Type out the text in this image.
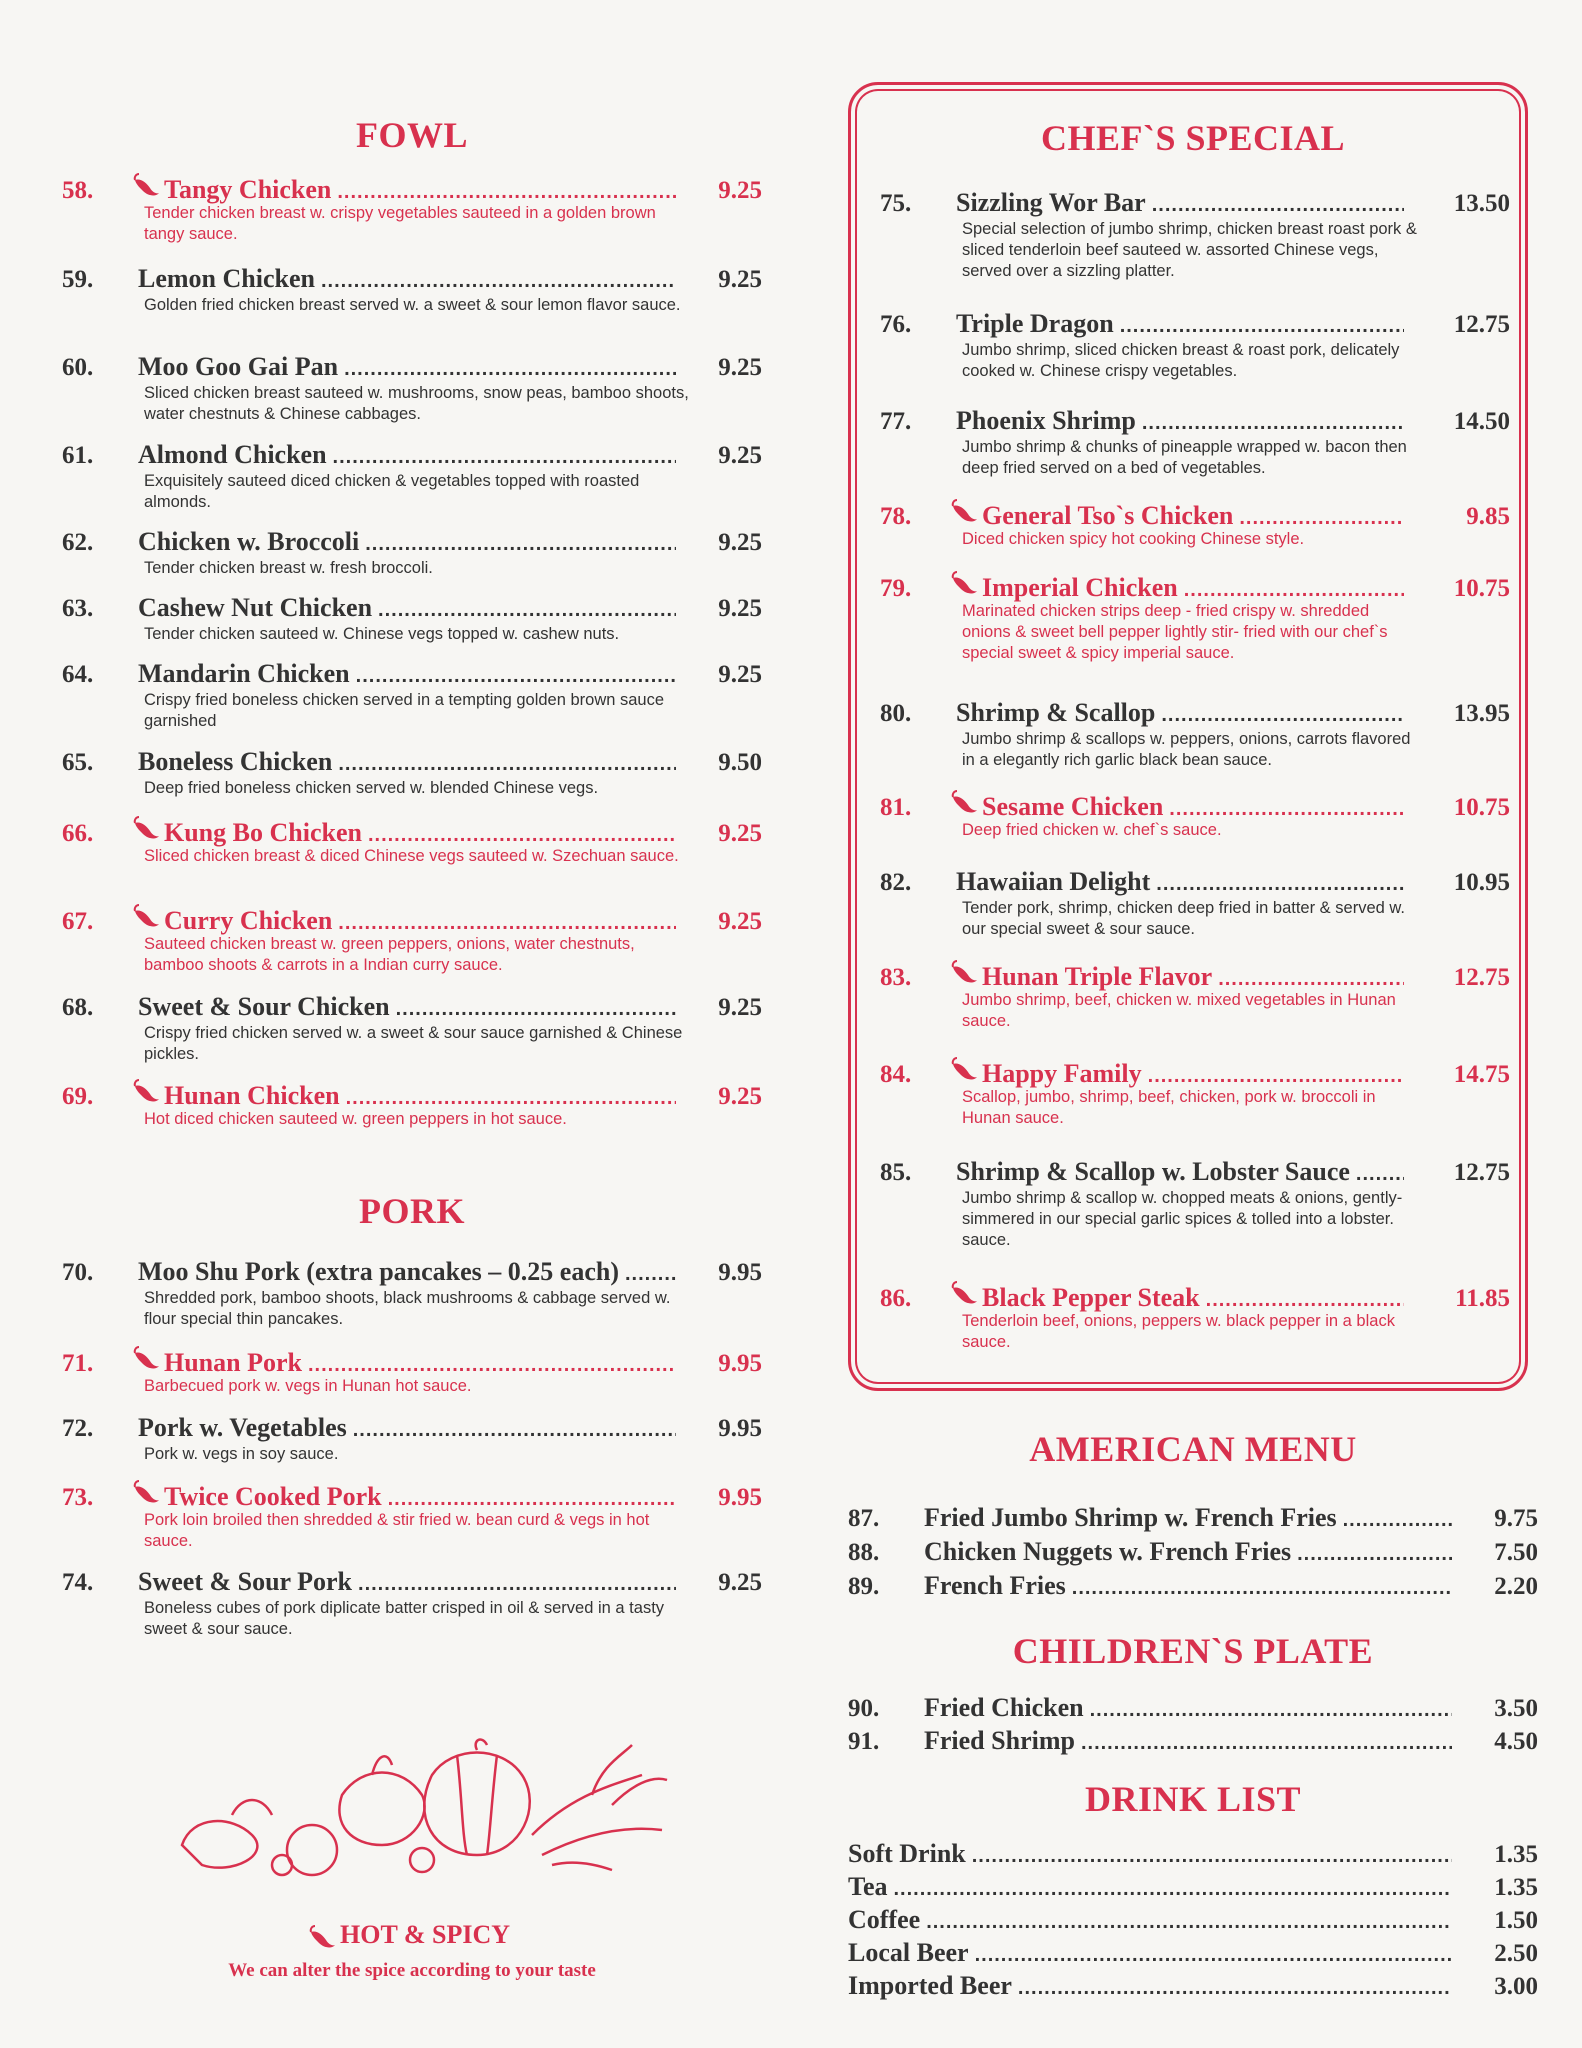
FOWL
58.	Tangy Chicken .....	9.25
Tender chicken breast w. crispy vegetables sauteed in a golden brown tangy sauce.
59.	Lemon Chicken .....	9.25
Golden fried chicken breast served w. a sweet & sour lemon flavor sauce.
60.	Moo Goo Gai Pan .....	9.25
Sliced chicken breast sauteed w. mushrooms, snow peas, bamboo shoots, water chestnuts & Chinese cabbages.
61.	Almond Chicken .....	9.25
Exquisitely sauteed diced chicken & vegetables topped with roasted almonds.
62.	Chicken w. Broccoli .....	9.25
Tender chicken breast w. fresh broccoli.
63.	Cashew Nut Chicken .....	9.25
Tender chicken sauteed w. Chinese vegs topped w. cashew nuts.
64.	Mandarin Chicken .....	9.25
Crispy fried boneless chicken served in a tempting golden brown sauce garnished
65.	Boneless Chicken .....	9.50
Deep fried boneless chicken served w. blended Chinese vegs.
66.	Kung Bo Chicken .....	9.25
Sliced chicken breast & diced Chinese vegs sauteed w. Szechuan sauce.
67.	Curry Chicken .....	9.25
Sauteed chicken breast w. green peppers, onions, water chestnuts, bamboo shoots & carrots in a Indian curry sauce.
68.	Sweet & Sour Chicken .....	9.25
Crispy fried chicken served w. a sweet & sour sauce garnished & Chinese pickles.
69.	Hunan Chicken .....	9.25
Hot diced chicken sauteed w. green peppers in hot sauce.
PORK
70.	Moo Shu Pork (extra pancakes – 0.25 each) .....	9.95
Shredded pork, bamboo shoots, black mushrooms & cabbage served w. flour special thin pancakes.
71.	Hunan Pork .....	9.95
Barbecued pork w. vegs in Hunan hot sauce.
72.	Pork w. Vegetables .....	9.95
Pork w. vegs in soy sauce.
73.	Twice Cooked Pork .....	9.95
Pork loin broiled then shredded & stir fried w. bean curd & vegs in hot sauce.
74.	Sweet & Sour Pork .....	9.25
Boneless cubes of pork diplicate batter crisped in oil & served in a tasty sweet & sour sauce.
HOT & SPICY
We can alter the spice according to your taste
CHEF`S SPECIAL
75.	Sizzling Wor Bar .....	13.50
Special selection of jumbo shrimp, chicken breast roast pork & sliced tenderloin beef sauteed w. assorted Chinese vegs, served over a sizzling platter.
76.	Triple Dragon .....	12.75
Jumbo shrimp, sliced chicken breast & roast pork, delicately cooked w. Chinese crispy vegetables.
77.	Phoenix Shrimp .....	14.50
Jumbo shrimp & chunks of pineapple wrapped w. bacon then deep fried served on a bed of vegetables.
78.	General Tso`s Chicken .....	9.85
Diced chicken spicy hot cooking Chinese style.
79.	Imperial Chicken .....	10.75
Marinated chicken strips deep - fried crispy w. shredded onions & sweet bell pepper lightly stir- fried with our chef`s special sweet & spicy imperial sauce.
80.	Shrimp & Scallop .....	13.95
Jumbo shrimp & scallops w. peppers, onions, carrots flavored in a elegantly rich garlic black bean sauce.
81.	Sesame Chicken .....	10.75
Deep fried chicken w. chef`s sauce.
82.	Hawaiian Delight .....	10.95
Tender pork, shrimp, chicken deep fried in batter & served w. our special sweet & sour sauce.
83.	Hunan Triple Flavor .....	12.75
Jumbo shrimp, beef, chicken w. mixed vegetables in Hunan sauce.
84.	Happy Family .....	14.75
Scallop, jumbo, shrimp, beef, chicken, pork w. broccoli in Hunan sauce.
85.	Shrimp & Scallop w. Lobster Sauce .....	12.75
Jumbo shrimp & scallop w. chopped meats & onions, gently- simmered in our special garlic spices & tolled into a lobster. sauce.
86.	Black Pepper Steak .....	11.85
Tenderloin beef, onions, peppers w. black pepper in a black sauce.
AMERICAN MENU
87.	Fried Jumbo Shrimp w. French Fries .....	9.75
88.	Chicken Nuggets w. French Fries .....	7.50
89.	French Fries .....	2.20
CHILDREN`S PLATE
90.	Fried Chicken .....	3.50
91.	Fried Shrimp .....	4.50
DRINK LIST
Soft Drink .....	1.35
Tea .....	1.35
Coffee .....	1.50
Local Beer .....	2.50
Imported Beer .....	3.00
